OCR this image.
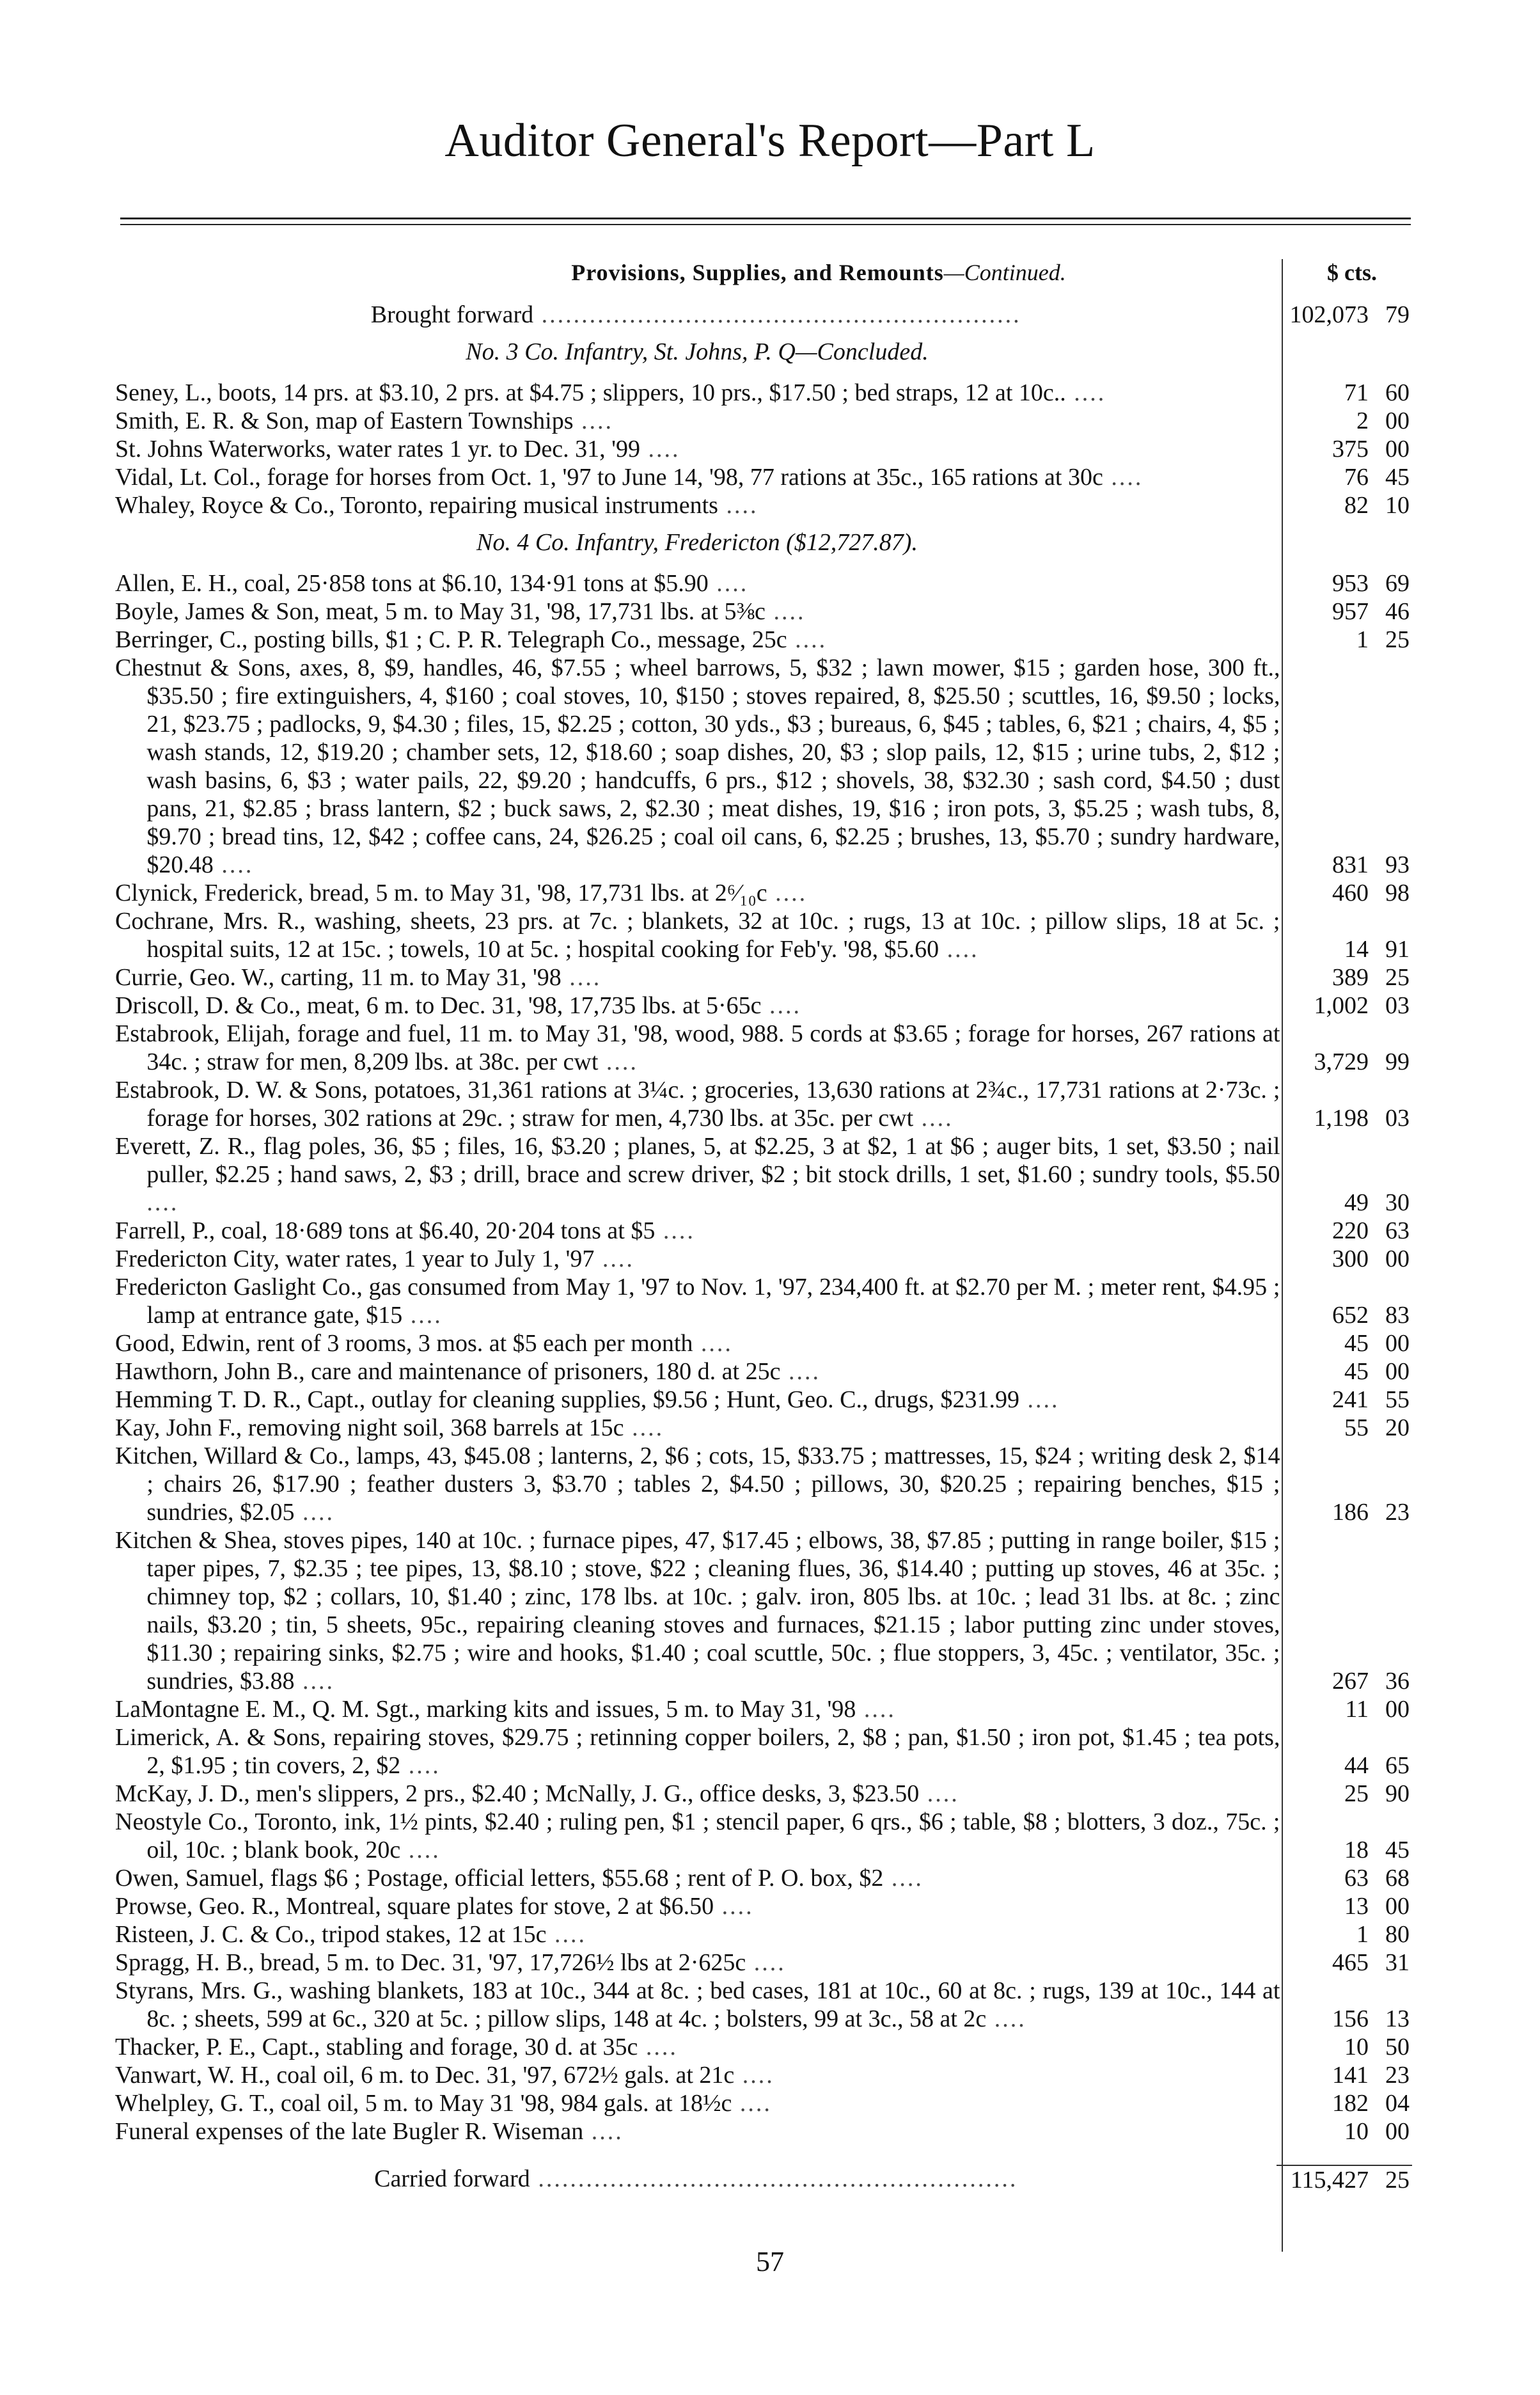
Auditor General's Report—Part L
Provisions, Supplies, and Remounts—Continued.	$ cts.
Brought forward ............................................................	102,073 79
No. 3 Co. Infantry, St. Johns, P. Q—Concluded.
Seney, L., boots, 14 prs. at $3.10, 2 prs. at $4.75 ; slippers, 10 prs., $17.50 ; bed straps, 12 at 10c.. ....	71 60
Smith, E. R. & Son, map of Eastern Townships ....	2 00
St. Johns Waterworks, water rates 1 yr. to Dec. 31, '99 ....	375 00
Vidal, Lt. Col., forage for horses from Oct. 1, '97 to June 14, '98, 77 rations at 35c., 165 rations at 30c ....	76 45
Whaley, Royce & Co., Toronto, repairing musical instruments ....	82 10
No. 4 Co. Infantry, Fredericton ($12,727.87).
Allen, E. H., coal, 25·858 tons at $6.10, 134·91 tons at $5.90 ....	953 69
Boyle, James & Son, meat, 5 m. to May 31, '98, 17,731 lbs. at 5⅜c ....	957 46
Berringer, C., posting bills, $1 ; C. P. R. Telegraph Co., message, 25c ....	1 25
Chestnut & Sons, axes, 8, $9, handles, 46, $7.55 ; wheel barrows, 5, $32 ; lawn mower, $15 ; garden hose, 300 ft., $35.50 ; fire extinguishers, 4, $160 ; coal stoves, 10, $150 ; stoves repaired, 8, $25.50 ; scuttles, 16, $9.50 ; locks, 21, $23.75 ; padlocks, 9, $4.30 ; files, 15, $2.25 ; cotton, 30 yds., $3 ; bureaus, 6, $45 ; tables, 6, $21 ; chairs, 4, $5 ; wash stands, 12, $19.20 ; chamber sets, 12, $18.60 ; soap dishes, 20, $3 ; slop pails, 12, $15 ; urine tubs, 2, $12 ; wash basins, 6, $3 ; water pails, 22, $9.20 ; handcuffs, 6 prs., $12 ; shovels, 38, $32.30 ; sash cord, $4.50 ; dust pans, 21, $2.85 ; brass lantern, $2 ; buck saws, 2, $2.30 ; meat dishes, 19, $16 ; iron pots, 3, $5.25 ; wash tubs, 8, $9.70 ; bread tins, 12, $42 ; coffee cans, 24, $26.25 ; coal oil cans, 6, $2.25 ; brushes, 13, $5.70 ; sundry hardware, $20.48 ....	831 93
Clynick, Frederick, bread, 5 m. to May 31, '98, 17,731 lbs. at 2⁶⁄₁₀c ....	460 98
Cochrane, Mrs. R., washing, sheets, 23 prs. at 7c. ; blankets, 32 at 10c. ; rugs, 13 at 10c. ; pillow slips, 18 at 5c. ; hospital suits, 12 at 15c. ; towels, 10 at 5c. ; hospital cooking for Feb'y. '98, $5.60 ....	14 91
Currie, Geo. W., carting, 11 m. to May 31, '98 ....	389 25
Driscoll, D. & Co., meat, 6 m. to Dec. 31, '98, 17,735 lbs. at 5·65c ....	1,002 03
Estabrook, Elijah, forage and fuel, 11 m. to May 31, '98, wood, 988. 5 cords at $3.65 ; forage for horses, 267 rations at 34c. ; straw for men, 8,209 lbs. at 38c. per cwt ....	3,729 99
Estabrook, D. W. & Sons, potatoes, 31,361 rations at 3¼c. ; groceries, 13,630 rations at 2¾c., 17,731 rations at 2·73c. ; forage for horses, 302 rations at 29c. ; straw for men, 4,730 lbs. at 35c. per cwt ....	1,198 03
Everett, Z. R., flag poles, 36, $5 ; files, 16, $3.20 ; planes, 5, at $2.25, 3 at $2, 1 at $6 ; auger bits, 1 set, $3.50 ; nail puller, $2.25 ; hand saws, 2, $3 ; drill, brace and screw driver, $2 ; bit stock drills, 1 set, $1.60 ; sundry tools, $5.50 ....	49 30
Farrell, P., coal, 18·689 tons at $6.40, 20·204 tons at $5 ....	220 63
Fredericton City, water rates, 1 year to July 1, '97 ....	300 00
Fredericton Gaslight Co., gas consumed from May 1, '97 to Nov. 1, '97, 234,400 ft. at $2.70 per M. ; meter rent, $4.95 ; lamp at entrance gate, $15 ....	652 83
Good, Edwin, rent of 3 rooms, 3 mos. at $5 each per month ....	45 00
Hawthorn, John B., care and maintenance of prisoners, 180 d. at 25c ....	45 00
Hemming T. D. R., Capt., outlay for cleaning supplies, $9.56 ; Hunt, Geo. C., drugs, $231.99 ....	241 55
Kay, John F., removing night soil, 368 barrels at 15c ....	55 20
Kitchen, Willard & Co., lamps, 43, $45.08 ; lanterns, 2, $6 ; cots, 15, $33.75 ; mattresses, 15, $24 ; writing desk 2, $14 ; chairs 26, $17.90 ; feather dusters 3, $3.70 ; tables 2, $4.50 ; pillows, 30, $20.25 ; repairing benches, $15 ; sundries, $2.05 ....	186 23
Kitchen & Shea, stoves pipes, 140 at 10c. ; furnace pipes, 47, $17.45 ; elbows, 38, $7.85 ; putting in range boiler, $15 ; taper pipes, 7, $2.35 ; tee pipes, 13, $8.10 ; stove, $22 ; cleaning flues, 36, $14.40 ; putting up stoves, 46 at 35c. ; chimney top, $2 ; collars, 10, $1.40 ; zinc, 178 lbs. at 10c. ; galv. iron, 805 lbs. at 10c. ; lead 31 lbs. at 8c. ; zinc nails, $3.20 ; tin, 5 sheets, 95c., repairing cleaning stoves and furnaces, $21.15 ; labor putting zinc under stoves, $11.30 ; repairing sinks, $2.75 ; wire and hooks, $1.40 ; coal scuttle, 50c. ; flue stoppers, 3, 45c. ; ventilator, 35c. ; sundries, $3.88 ....	267 36
LaMontagne E. M., Q. M. Sgt., marking kits and issues, 5 m. to May 31, '98 ....	11 00
Limerick, A. & Sons, repairing stoves, $29.75 ; retinning copper boilers, 2, $8 ; pan, $1.50 ; iron pot, $1.45 ; tea pots, 2, $1.95 ; tin covers, 2, $2 ....	44 65
McKay, J. D., men's slippers, 2 prs., $2.40 ; McNally, J. G., office desks, 3, $23.50 ....	25 90
Neostyle Co., Toronto, ink, 1½ pints, $2.40 ; ruling pen, $1 ; stencil paper, 6 qrs., $6 ; table, $8 ; blotters, 3 doz., 75c. ; oil, 10c. ; blank book, 20c ....	18 45
Owen, Samuel, flags $6 ; Postage, official letters, $55.68 ; rent of P. O. box, $2 ....	63 68
Prowse, Geo. R., Montreal, square plates for stove, 2 at $6.50 ....	13 00
Risteen, J. C. & Co., tripod stakes, 12 at 15c ....	1 80
Spragg, H. B., bread, 5 m. to Dec. 31, '97, 17,726½ lbs at 2·625c ....	465 31
Styrans, Mrs. G., washing blankets, 183 at 10c., 344 at 8c. ; bed cases, 181 at 10c., 60 at 8c. ; rugs, 139 at 10c., 144 at 8c. ; sheets, 599 at 6c., 320 at 5c. ; pillow slips, 148 at 4c. ; bolsters, 99 at 3c., 58 at 2c ....	156 13
Thacker, P. E., Capt., stabling and forage, 30 d. at 35c ....	10 50
Vanwart, W. H., coal oil, 6 m. to Dec. 31, '97, 672½ gals. at 21c ....	141 23
Whelpley, G. T., coal oil, 5 m. to May 31 '98, 984 gals. at 18½c ....	182 04
Funeral expenses of the late Bugler R. Wiseman ....	10 00
Carried forward ............................................................	115,427 25
57
